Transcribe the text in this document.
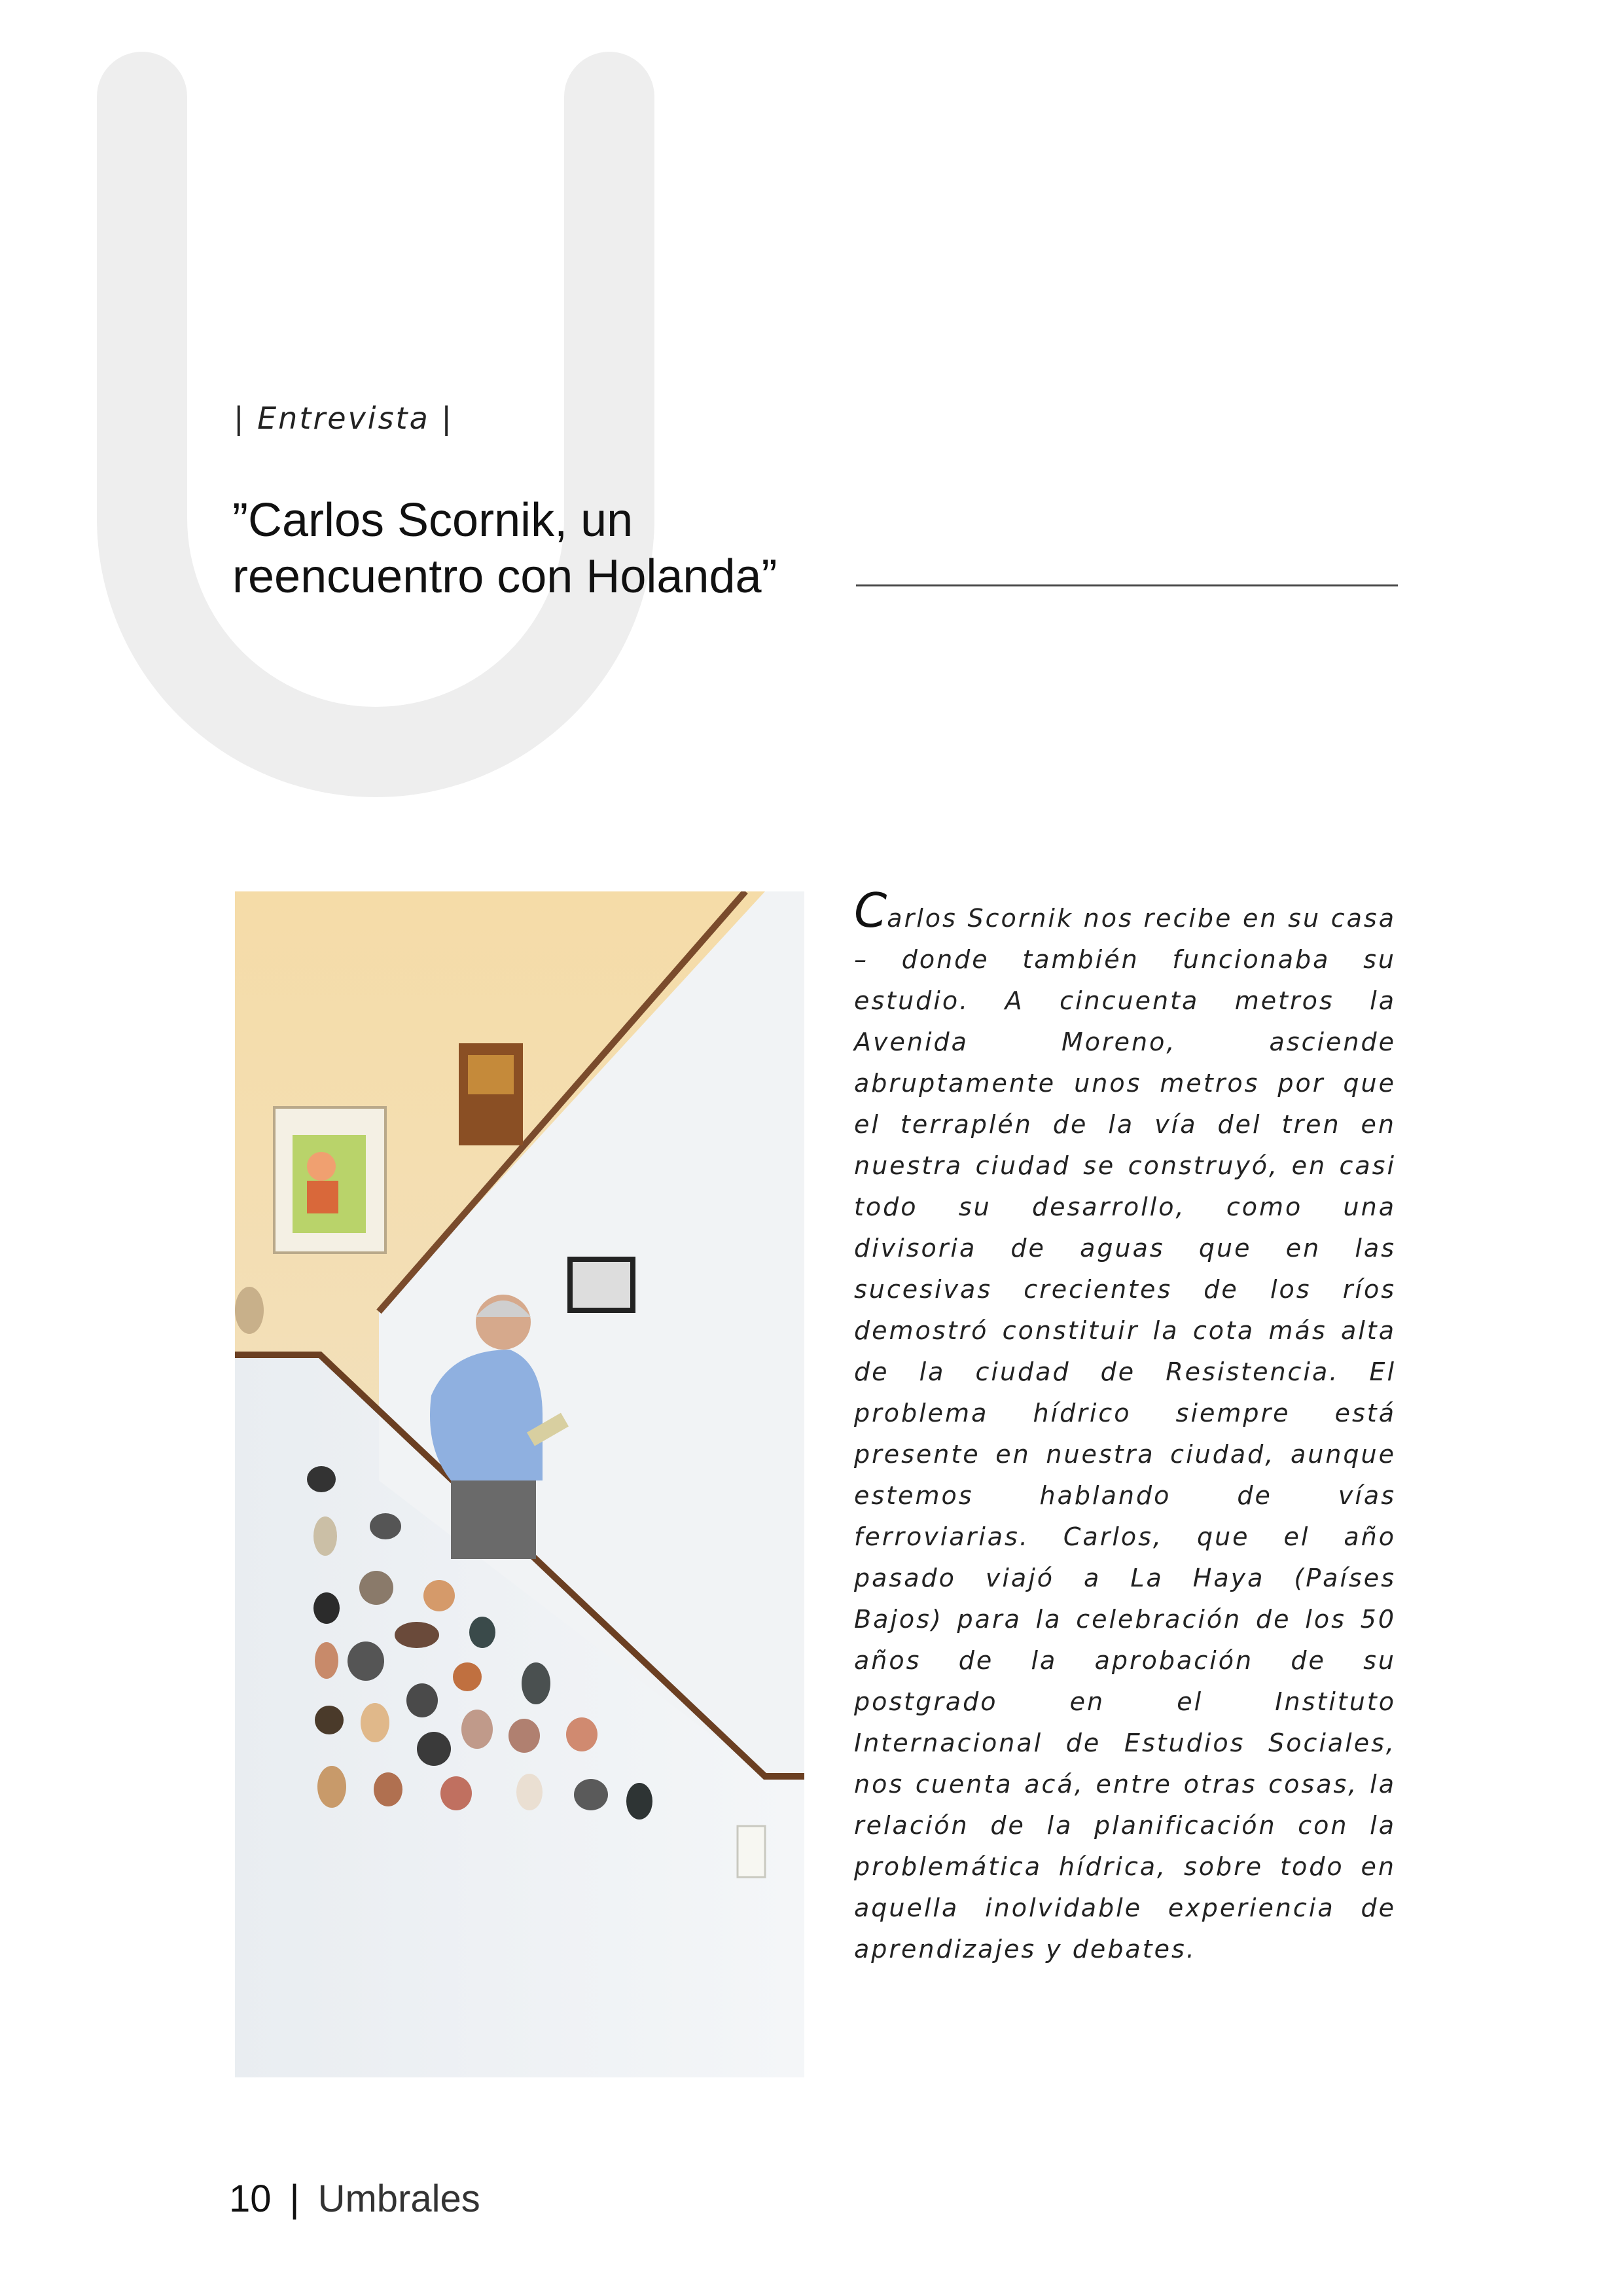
| Entrevista |
”Carlos Scornik, un
reencuentro con Holanda”

Carlos Scornik nos recibe en su casa – donde también funcionaba su estudio. A cincuenta metros la Avenida Moreno, asciende abruptamente unos metros por que el terraplén de la vía del tren en nuestra ciudad se construyó, en casi todo su desarrollo, como una divisoria de aguas que en las sucesivas crecientes de los ríos demostró constituir la cota más alta de la ciudad de Resistencia. El problema hídrico siempre está presente en nuestra ciudad, aunque estemos hablando de vías ferroviarias. Carlos, que el año pasado viajó a La Haya (Países Bajos) para la celebración de los 50 años de la aprobación de su postgrado en el Instituto Internacional de Estudios Sociales, nos cuenta acá, entre otras cosas, la relación de la planificación con la problemática hídrica, sobre todo en aquella inolvidable experiencia de aprendizajes y debates.

10 | Umbrales
